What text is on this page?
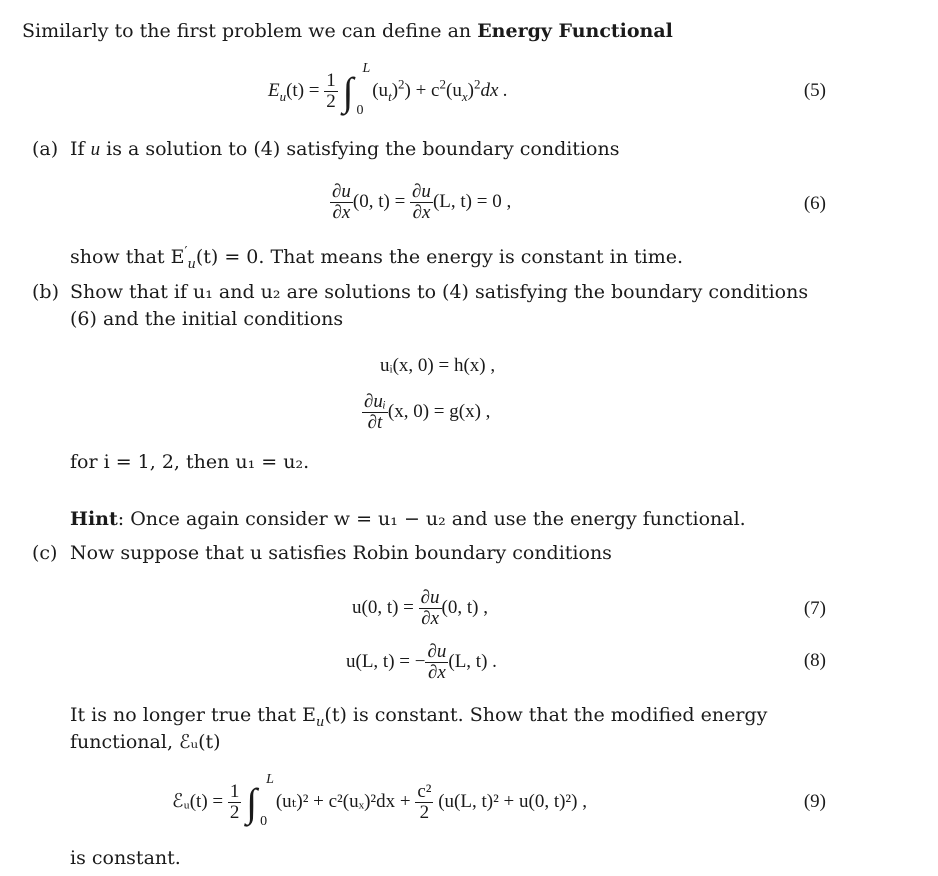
Similarly to the first problem we can define an Energy Functional
$E_u(t) = \frac{1}{2}$ ∫
L
0
$(u_t)^2) + c^2(u_x)^2dx$ .	(5)
(a) If u is a solution to (4) satisfying the boundary conditions
$\frac{\partial u}{\partial x} (0$, $t) = \frac{\partial u}{\partial x} (L$, t) = 0 ,	(6)
show that $E'_u(t) = 0$. That means the energy is constant in time.
(b) Show that if u₁ and u₂ are solutions to (4) satisfying the boundary conditions
(6) and the initial conditions
uᵢ(x, 0) = h(x) ,
$\frac{\text{∂uᵢ}}{\partial t} (x$, 0) = g(x) ,
for i = 1, 2, then u₁ = u₂.
Hint: Once again consider w = u₁ − u₂ and use the energy functional.
(c) Now suppose that u satisfies Robin boundary conditions
u(0, $t) = \frac{\partial u}{\partial x} (0$, t) ,	(7)
u(L, t) = − $\frac{\partial u}{\partial x} (L$, t) .	(8)
It is no longer true that $E_u(t)$ is constant. Show that the modified energy
functional, ℰᵤ(t)
ℰᵤ(t) = $\frac{1}{2}$ ∫
L
0
$(u_t)^2 + c^2(u_x)^2dx + \frac{\text{c²}}{2} (u(L$, t)² + u(0, t)²) ,	(9)
is constant.
